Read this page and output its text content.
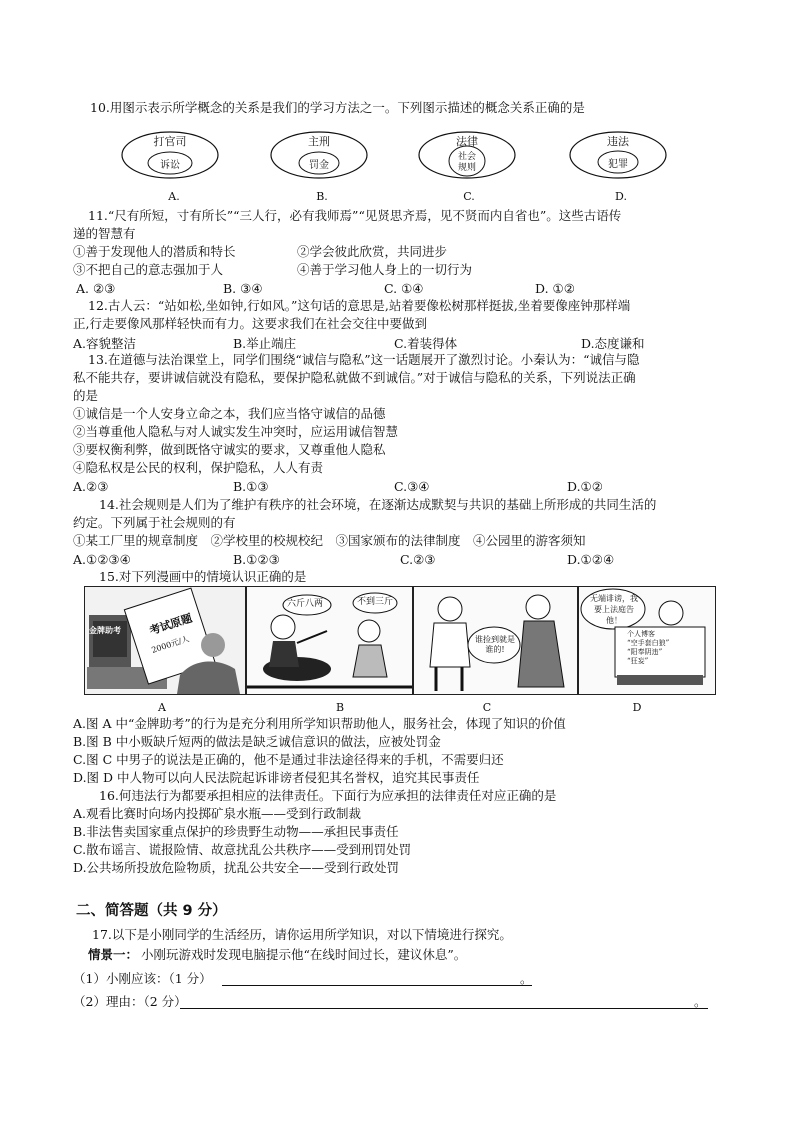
10.用图示表示所学概念的关系是我们的学习方法之一。下列图示描述的概念关系正确的是
打官司
诉讼
主刑
罚金
法律
社会
规则
违法
犯罪
A.	B.	C.	D.
11.“尺有所短，寸有所长”“三人行，必有我师焉”“见贤思齐焉，见不贤而内自省也”。这些古语传
递的智慧有
①善于发现他人的潜质和特长	②学会彼此欣赏，共同进步
③不把自己的意志强加于人	④善于学习他人身上的一切行为
A. ②③	B. ③④	C. ①④	D. ①②
12.古人云：“站如松,坐如钟,行如风。”这句话的意思是,站着要像松树那样挺拔,坐着要像座钟那样端
正,行走要像风那样轻快而有力。这要求我们在社会交往中要做到
A.容貌整洁	B.举止端庄	C.着装得体	D.态度谦和
13.在道德与法治课堂上，同学们围绕“诚信与隐私”这一话题展开了激烈讨论。小秦认为：“诚信与隐
私不能共存，要讲诚信就没有隐私，要保护隐私就做不到诚信。”对于诚信与隐私的关系，下列说法正确
的是
①诚信是一个人安身立命之本，我们应当恪守诚信的品德
②当尊重他人隐私与对人诚实发生冲突时，应运用诚信智慧
③要权衡利弊，做到既恪守诚实的要求，又尊重他人隐私
④隐私权是公民的权利，保护隐私，人人有责
A.②③	B.①③	C.③④	D.①②
14.社会规则是人们为了维护有秩序的社会环境，在逐渐达成默契与共识的基础上所形成的共同生活的
约定。下列属于社会规则的有
①某工厂里的规章制度　②学校里的校规校纪　③国家颁布的法律制度　④公园里的游客须知
A.①②③④	B.①②③	C.②③	D.①②④
15.对下列漫画中的情境认识正确的是
金牌助考 考试原题
2000元/人
六斤八两	不到三斤
谁捡到就是谁的!
无端诽谤，我要上法庭告他！
个人博客
“空手套白狼”
“阳奉阴违”
“狂妄”
A	B	C	D
A.图 A 中“金牌助考”的行为是充分利用所学知识帮助他人，服务社会，体现了知识的价值
B.图 B 中小贩缺斤短两的做法是缺乏诚信意识的做法，应被处罚金
C.图 C 中男子的说法是正确的，他不是通过非法途径得来的手机，不需要归还
D.图 D 中人物可以向人民法院起诉诽谤者侵犯其名誉权，追究其民事责任
16.何违法行为都要承担相应的法律责任。下面行为应承担的法律责任对应正确的是
A.观看比赛时向场内投掷矿泉水瓶——受到行政制裁
B.非法售卖国家重点保护的珍贵野生动物——承担民事责任
C.散布谣言、谎报险情、故意扰乱公共秩序——受到刑罚处罚
D.公共场所投放危险物质，扰乱公共安全——受到行政处罚
二、简答题（共 9 分）
17.以下是小刚同学的生活经历，请你运用所学知识，对以下情境进行探究。
情景一： 小刚玩游戏时发现电脑提示他“在线时间过长，建议休息”。
（1）小刚应该：（1 分）	。
（2）理由：（2 分）	。
